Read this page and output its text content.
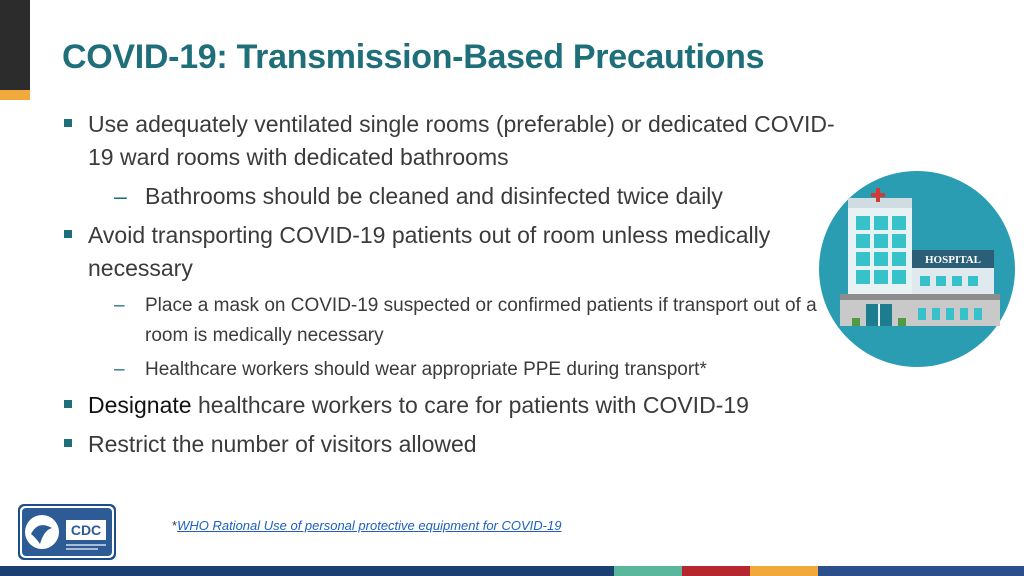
COVID-19: Transmission-Based Precautions
Use adequately ventilated single rooms (preferable) or dedicated COVID-19 ward rooms with dedicated bathrooms
– Bathrooms should be cleaned and disinfected twice daily
Avoid transporting COVID-19 patients out of room unless medically necessary
– Place a mask on COVID-19 suspected or confirmed patients if transport out of a room is medically necessary
– Healthcare workers should wear appropriate PPE during transport*
Designate healthcare workers to care for patients with COVID-19
Restrict the number of visitors allowed
HOSPITAL
CDC	*WHO Rational Use of personal protective equipment for COVID-19
